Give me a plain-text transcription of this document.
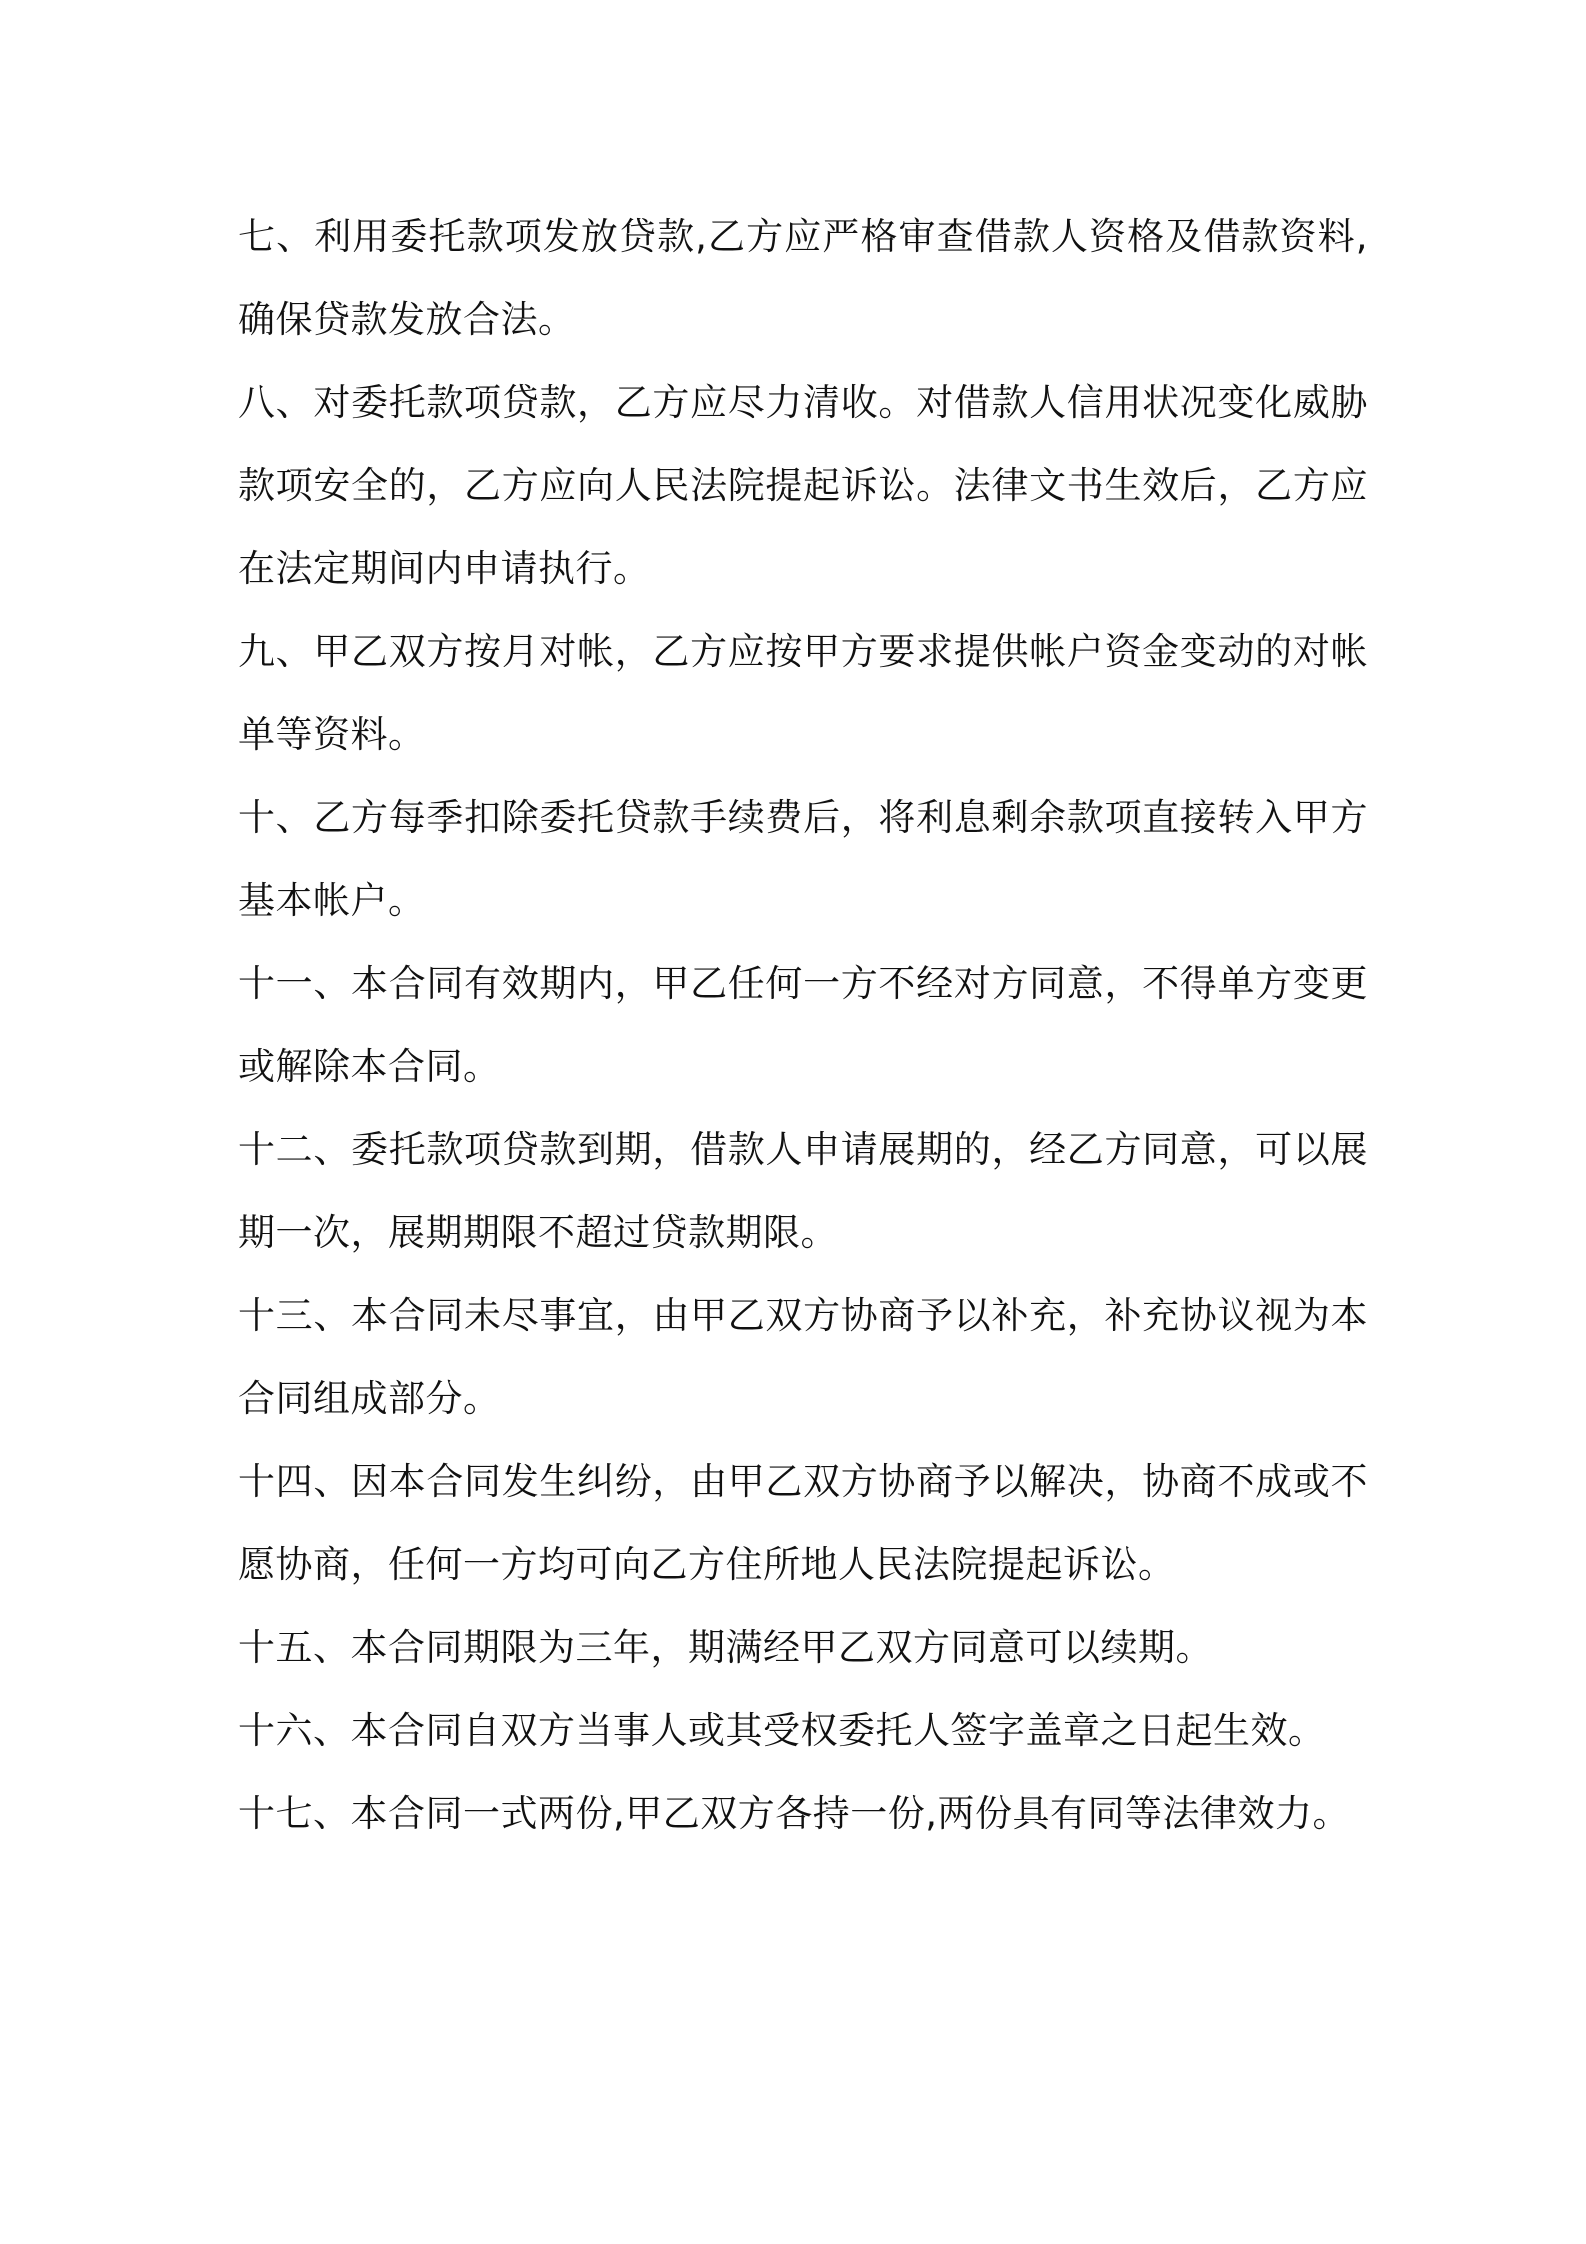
七、利用委托款项发放贷款,乙方应严格审查借款人资格及借款资料,确保贷款发放合法。

八、对委托款项贷款，乙方应尽力清收。对借款人信用状况变化威胁款项安全的，乙方应向人民法院提起诉讼。法律文书生效后，乙方应在法定期间内申请执行。

九、甲乙双方按月对帐，乙方应按甲方要求提供帐户资金变动的对帐单等资料。

十、乙方每季扣除委托贷款手续费后，将利息剩余款项直接转入甲方基本帐户。

十一、本合同有效期内，甲乙任何一方不经对方同意，不得单方变更或解除本合同。

十二、委托款项贷款到期，借款人申请展期的，经乙方同意，可以展期一次，展期期限不超过贷款期限。

十三、本合同未尽事宜，由甲乙双方协商予以补充，补充协议视为本合同组成部分。

十四、因本合同发生纠纷，由甲乙双方协商予以解决，协商不成或不愿协商，任何一方均可向乙方住所地人民法院提起诉讼。

十五、本合同期限为三年，期满经甲乙双方同意可以续期。

十六、本合同自双方当事人或其受权委托人签字盖章之日起生效。

十七、本合同一式两份,甲乙双方各持一份,两份具有同等法律效力。
